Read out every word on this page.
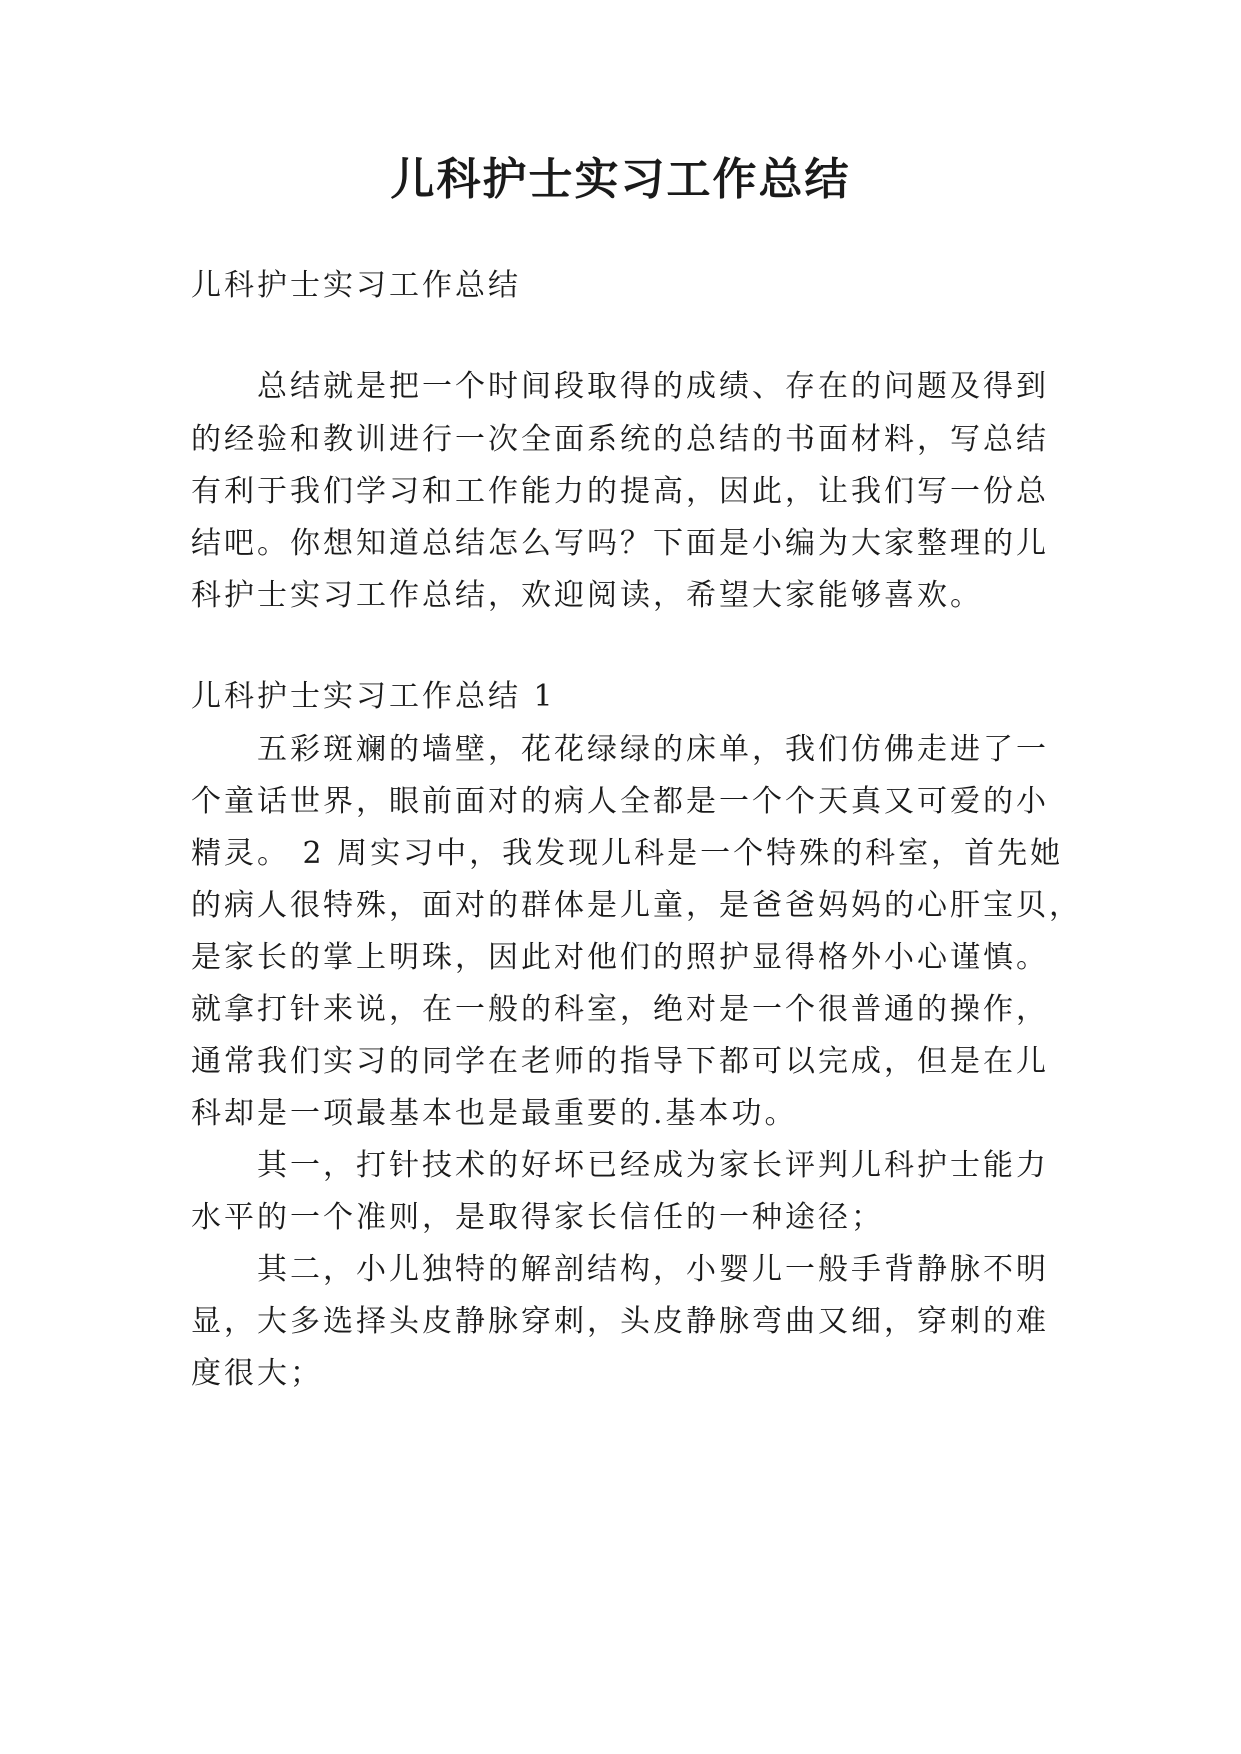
儿科护士实习工作总结

儿科护士实习工作总结

总结就是把一个时间段取得的成绩、存在的问题及得到

的经验和教训进行一次全面系统的总结的书面材料，写总结

有利于我们学习和工作能力的提高，因此，让我们写一份总

结吧。你想知道总结怎么写吗？下面是小编为大家整理的儿

科护士实习工作总结，欢迎阅读，希望大家能够喜欢。

儿科护士实习工作总结 1

五彩斑斓的墙壁，花花绿绿的床单，我们仿佛走进了一

个童话世界，眼前面对的病人全都是一个个天真又可爱的小

精灵。 2 周实习中，我发现儿科是一个特殊的科室，首先她

的病人很特殊，面对的群体是儿童，是爸爸妈妈的心肝宝贝，

是家长的掌上明珠，因此对他们的照护显得格外小心谨慎。

就拿打针来说，在一般的科室，绝对是一个很普通的操作，

通常我们实习的同学在老师的指导下都可以完成，但是在儿

科却是一项最基本也是最重要的.基本功。

其一，打针技术的好坏已经成为家长评判儿科护士能力

水平的一个准则，是取得家长信任的一种途径；

其二，小儿独特的解剖结构，小婴儿一般手背静脉不明

显，大多选择头皮静脉穿刺，头皮静脉弯曲又细，穿刺的难

度很大；
